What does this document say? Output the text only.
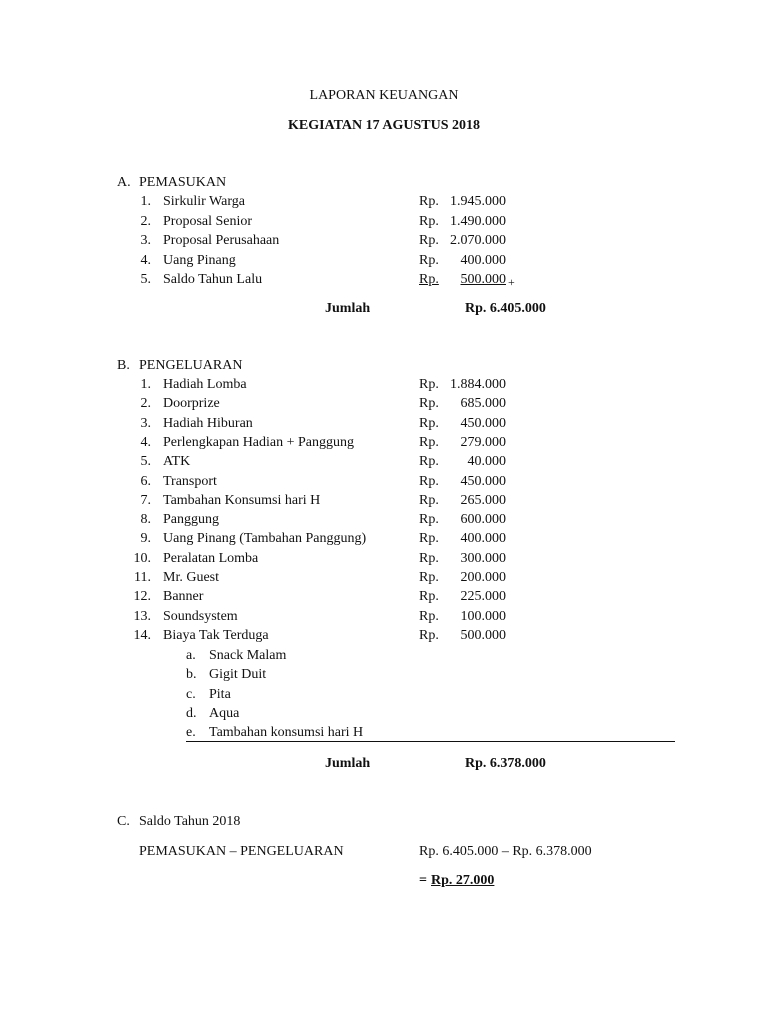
LAPORAN KEUANGAN
KEGIATAN 17 AGUSTUS 2018
A. PEMASUKAN
1. Sirkulir Warga	Rp. 1.945.000
2. Proposal Senior	Rp. 1.490.000
3. Proposal Perusahaan	Rp. 2.070.000
4. Uang Pinang	Rp.	400.000
5. Saldo Tahun Lalu	Rp.	500.000 +
Jumlah	Rp. 6.405.000
B. PENGELUARAN
1. Hadiah Lomba	Rp. 1.884.000
2. Doorprize	Rp.	685.000
3. Hadiah Hiburan	Rp.	450.000
4. Perlengkapan Hadian + Panggung	Rp.	279.000
5. ATK	Rp.	40.000
6. Transport	Rp.	450.000
7. Tambahan Konsumsi hari H	Rp.	265.000
8. Panggung	Rp.	600.000
9. Uang Pinang (Tambahan Panggung)	Rp.	400.000
10. Peralatan Lomba	Rp.	300.000
11. Mr. Guest	Rp.	200.000
12. Banner	Rp.	225.000
13. Soundsystem	Rp.	100.000
14. Biaya Tak Terduga	Rp.	500.000
a. Snack Malam
b. Gigit Duit
c. Pita
d. Aqua
e. Tambahan konsumsi hari H
Jumlah	Rp. 6.378.000
C. Saldo Tahun 2018
PEMASUKAN – PENGELUARAN	Rp. 6.405.000 – Rp. 6.378.000
= Rp. 27.000
